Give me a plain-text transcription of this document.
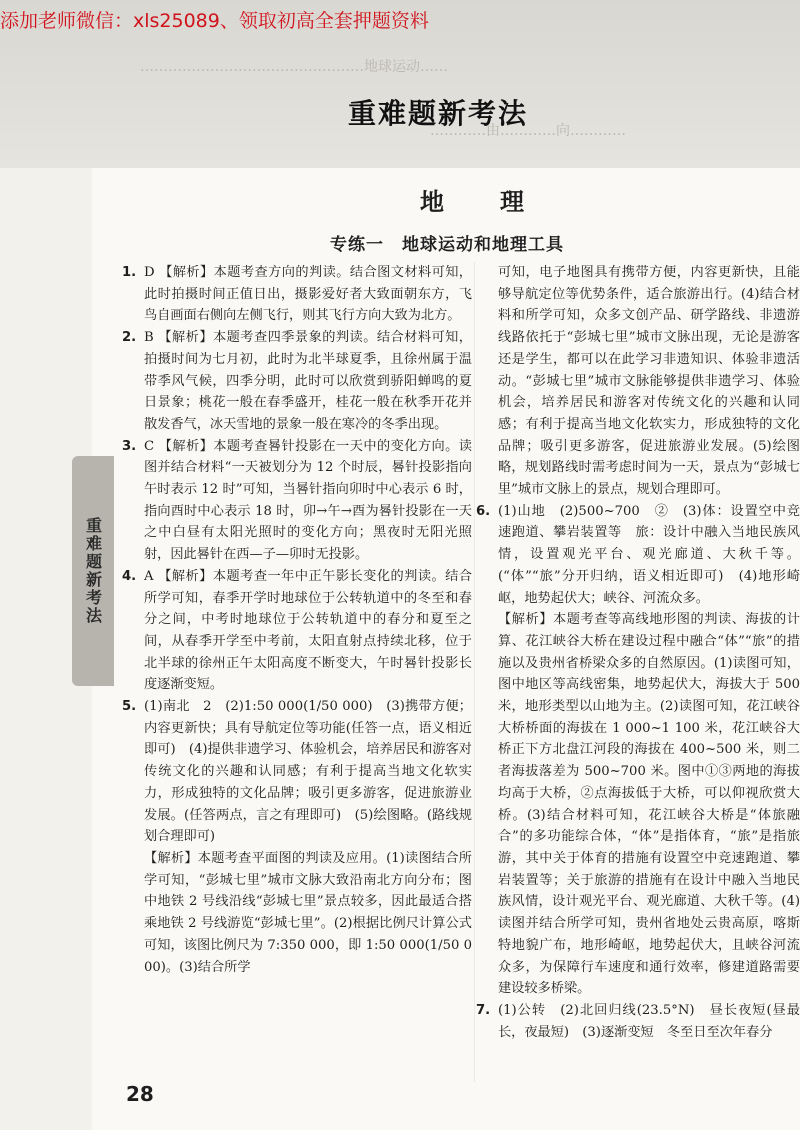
…………………………………………地球运动……
…………由…………向…………
添加老师微信：xls25089、领取初高全套押题资料
重难题新考法
地　理
专练一　地球运动和地理工具
重难题新考法
1. D 【解析】本题考查方向的判读。结合图文材料可知，此时拍摄时间正值日出，摄影爱好者大致面朝东方，飞鸟自画面右侧向左侧飞行，则其飞行方向大致为北方。
2. B 【解析】本题考查四季景象的判读。结合材料可知，拍摄时间为七月初，此时为北半球夏季，且徐州属于温带季风气候，四季分明，此时可以欣赏到骄阳蝉鸣的夏日景象；桃花一般在春季盛开，桂花一般在秋季开花并散发香气，冰天雪地的景象一般在寒冷的冬季出现。
3. C 【解析】本题考查晷针投影在一天中的变化方向。读图并结合材料“一天被划分为 12 个时辰，晷针投影指向午时表示 12 时”可知，当晷针指向卯时中心表示 6 时，指向酉时中心表示 18 时，卯→午→酉为晷针投影在一天之中白昼有太阳光照时的变化方向；黑夜时无阳光照射，因此晷针在西—子—卯时无投影。
4. A 【解析】本题考查一年中正午影长变化的判读。结合所学可知，春季开学时地球位于公转轨道中的冬至和春分之间，中考时地球位于公转轨道中的春分和夏至之间，从春季开学至中考前，太阳直射点持续北移，位于北半球的徐州正午太阳高度不断变大，午时晷针投影长度逐渐变短。
5. (1)南北　2　(2)1:50 000(1/50 000)　(3)携带方便；内容更新快；具有导航定位等功能(任答一点，语义相近即可)　(4)提供非遗学习、体验机会，培养居民和游客对传统文化的兴趣和认同感；有利于提高当地文化软实力，形成独特的文化品牌；吸引更多游客，促进旅游业发展。(任答两点，言之有理即可)　(5)绘图略。(路线规划合理即可)
【解析】本题考查平面图的判读及应用。(1)读图结合所学可知，“彭城七里”城市文脉大致沿南北方向分布；图中地铁 2 号线沿线“彭城七里”景点较多，因此最适合搭乘地铁 2 号线游览“彭城七里”。(2)根据比例尺计算公式可知，该图比例尺为 7:350 000，即 1:50 000(1/50 000)。(3)结合所学
可知，电子地图具有携带方便，内容更新快，且能够导航定位等优势条件，适合旅游出行。(4)结合材料和所学可知，众多文创产品、研学路线、非遗游线路依托于“彭城七里”城市文脉出现，无论是游客还是学生，都可以在此学习非遗知识、体验非遗活动。“彭城七里”城市文脉能够提供非遗学习、体验机会，培养居民和游客对传统文化的兴趣和认同感；有利于提高当地文化软实力，形成独特的文化品牌；吸引更多游客，促进旅游业发展。(5)绘图略，规划路线时需考虑时间为一天，景点为“彭城七里”城市文脉上的景点，规划合理即可。
6. (1)山地　(2)500~700　②　(3)体：设置空中竞速跑道、攀岩装置等　旅：设计中融入当地民族风情，设置观光平台、观光廊道、大秋千等。(“体”“旅”分开归纳，语义相近即可)　(4)地形崎岖，地势起伏大；峡谷、河流众多。
【解析】本题考查等高线地形图的判读、海拔的计算、花江峡谷大桥在建设过程中融合“体”“旅”的措施以及贵州省桥梁众多的自然原因。(1)读图可知，图中地区等高线密集，地势起伏大，海拔大于 500 米，地形类型以山地为主。(2)读图可知，花江峡谷大桥桥面的海拔在 1 000~1 100 米，花江峡谷大桥正下方北盘江河段的海拔在 400~500 米，则二者海拔落差为 500~700 米。图中①③两地的海拔均高于大桥，②点海拔低于大桥，可以仰视欣赏大桥。(3)结合材料可知，花江峡谷大桥是“体旅融合”的多功能综合体，“体”是指体育，“旅”是指旅游，其中关于体育的措施有设置空中竞速跑道、攀岩装置等；关于旅游的措施有在设计中融入当地民族风情，设计观光平台、观光廊道、大秋千等。(4)读图并结合所学可知，贵州省地处云贵高原，喀斯特地貌广布，地形崎岖，地势起伏大，且峡谷河流众多，为保障行车速度和通行效率，修建道路需要建设较多桥梁。
7. (1)公转　(2)北回归线(23.5°N)　昼长夜短(昼最长，夜最短)　(3)逐渐变短　冬至日至次年春分
28
